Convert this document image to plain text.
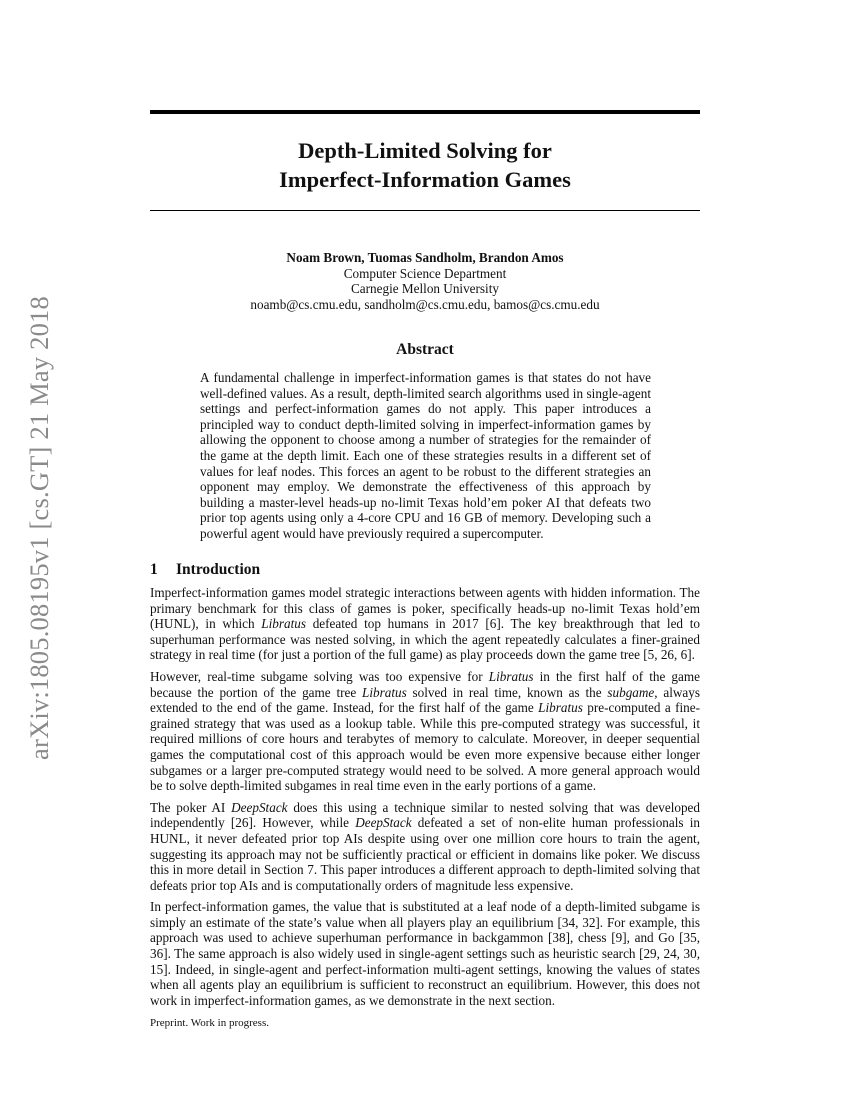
arXiv:1805.08195v1 [cs.GT] 21 May 2018
Depth-Limited Solving for
Imperfect-Information Games
Noam Brown, Tuomas Sandholm, Brandon Amos
Computer Science Department
Carnegie Mellon University
noamb@cs.cmu.edu, sandholm@cs.cmu.edu, bamos@cs.cmu.edu
Abstract
A fundamental challenge in imperfect-information games is that states do not have well-defined values. As a result, depth-limited search algorithms used in single-agent settings and perfect-information games do not apply. This paper introduces a principled way to conduct depth-limited solving in imperfect-information games by allowing the opponent to choose among a number of strategies for the remainder of the game at the depth limit. Each one of these strategies results in a different set of values for leaf nodes. This forces an agent to be robust to the different strategies an opponent may employ. We demonstrate the effectiveness of this approach by building a master-level heads-up no-limit Texas hold’em poker AI that defeats two prior top agents using only a 4-core CPU and 16 GB of memory. Developing such a powerful agent would have previously required a supercomputer.
1 Introduction

Imperfect-information games model strategic interactions between agents with hidden information. The primary benchmark for this class of games is poker, specifically heads-up no-limit Texas hold’em (HUNL), in which Libratus defeated top humans in 2017 [6]. The key breakthrough that led to superhuman performance was nested solving, in which the agent repeatedly calculates a finer-grained strategy in real time (for just a portion of the full game) as play proceeds down the game tree [5, 26, 6].

However, real-time subgame solving was too expensive for Libratus in the first half of the game because the portion of the game tree Libratus solved in real time, known as the subgame, always extended to the end of the game. Instead, for the first half of the game Libratus pre-computed a fine-grained strategy that was used as a lookup table. While this pre-computed strategy was successful, it required millions of core hours and terabytes of memory to calculate. Moreover, in deeper sequential games the computational cost of this approach would be even more expensive because either longer subgames or a larger pre-computed strategy would need to be solved. A more general approach would be to solve depth-limited subgames in real time even in the early portions of a game.

The poker AI DeepStack does this using a technique similar to nested solving that was developed independently [26]. However, while DeepStack defeated a set of non-elite human professionals in HUNL, it never defeated prior top AIs despite using over one million core hours to train the agent, suggesting its approach may not be sufficiently practical or efficient in domains like poker. We discuss this in more detail in Section 7. This paper introduces a different approach to depth-limited solving that defeats prior top AIs and is computationally orders of magnitude less expensive.

In perfect-information games, the value that is substituted at a leaf node of a depth-limited subgame is simply an estimate of the state’s value when all players play an equilibrium [34, 32]. For example, this approach was used to achieve superhuman performance in backgammon [38], chess [9], and Go [35, 36]. The same approach is also widely used in single-agent settings such as heuristic search [29, 24, 30, 15]. Indeed, in single-agent and perfect-information multi-agent settings, knowing the values of states when all agents play an equilibrium is sufficient to reconstruct an equilibrium. However, this does not work in imperfect-information games, as we demonstrate in the next section.

Preprint. Work in progress.
